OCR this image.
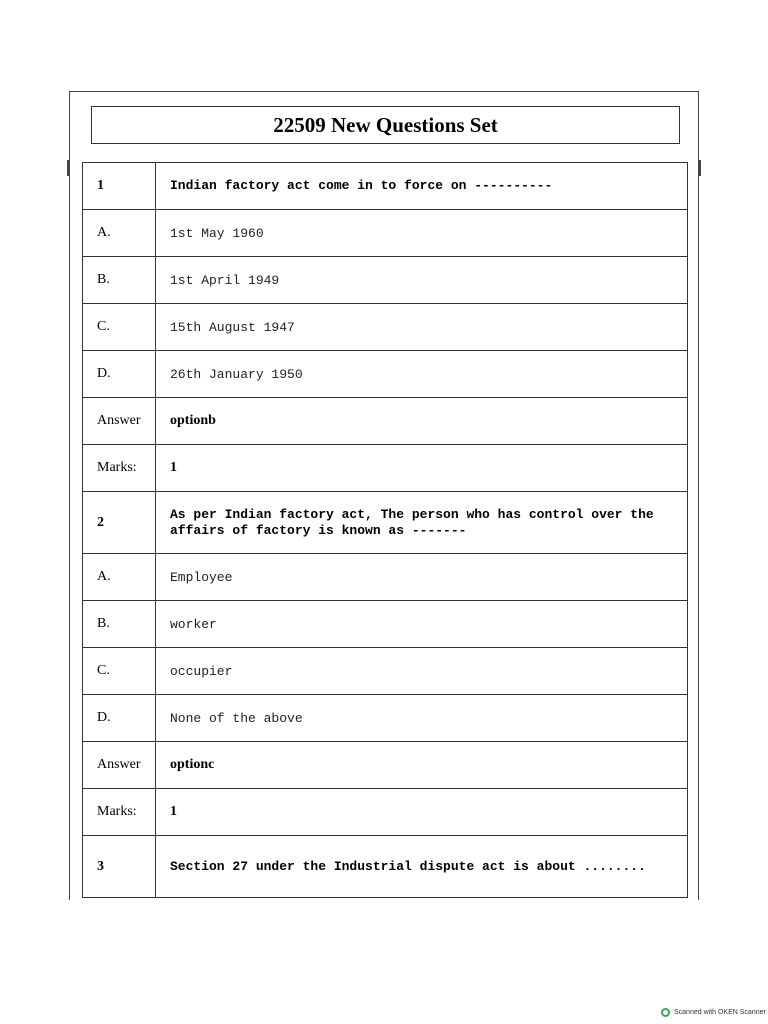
22509 New Questions Set
1	Indian factory act come in to force on ----------
A.	1st May 1960
B.	1st April 1949
C.	15th August 1947
D.	26th January 1950
Answer	optionb
Marks:	1
2	As per Indian factory act, The person who has control over the affairs of factory is known as -------
A.	Employee
B.	worker
C.	occupier
D.	None of the above
Answer	optionc
Marks:	1
3	Section 27 under the Industrial dispute act is about ........
Scanned with OKEN Scanner
